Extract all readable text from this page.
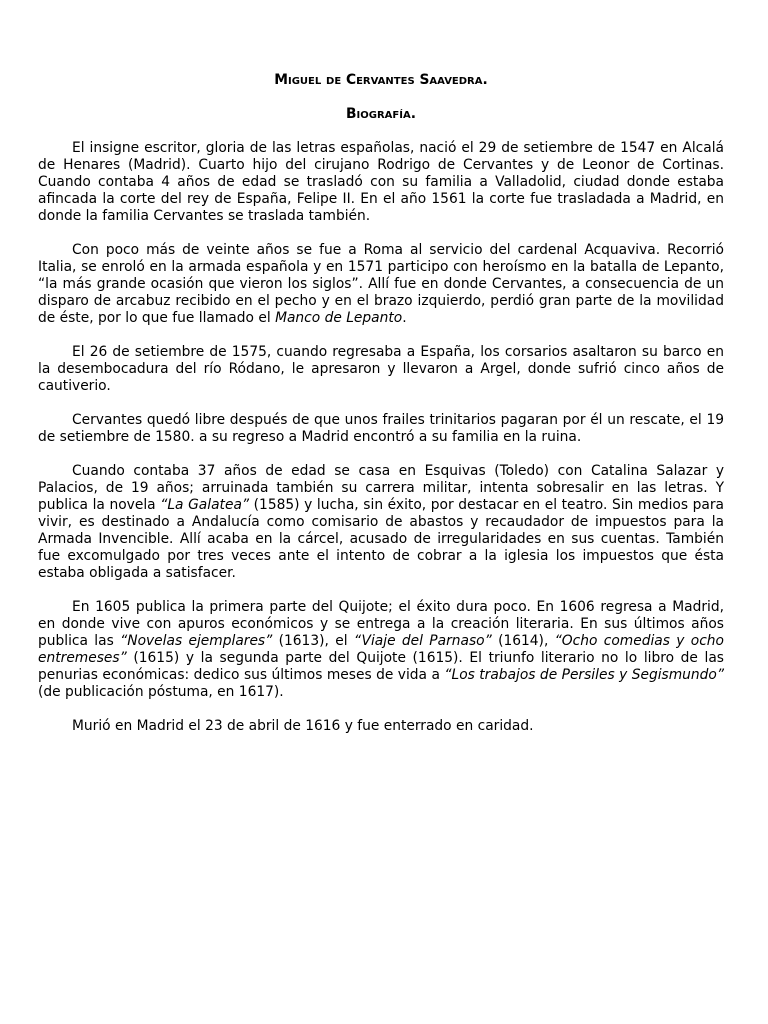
Miguel de Cervantes Saavedra.

Biografía.

El insigne escritor, gloria de las letras españolas, nació el 29 de setiembre de 1547 en Alcalá de Henares (Madrid). Cuarto hijo del cirujano Rodrigo de Cervantes y de Leonor de Cortinas. Cuando contaba 4 años de edad se trasladó con su familia a Valladolid, ciudad donde estaba afincada la corte del rey de España, Felipe II. En el año 1561 la corte fue trasladada a Madrid, en donde la familia Cervantes se traslada también.

Con poco más de veinte años se fue a Roma al servicio del cardenal Acquaviva. Recorrió Italia, se enroló en la armada española y en 1571 participo con heroísmo en la batalla de Lepanto, “la más grande ocasión que vieron los siglos”. Allí fue en donde Cervantes, a consecuencia de un disparo de arcabuz recibido en el pecho y en el brazo izquierdo, perdió gran parte de la movilidad de éste, por lo que fue llamado el Manco de Lepanto.

El 26 de setiembre de 1575, cuando regresaba a España, los corsarios asaltaron su barco en la desembocadura del río Ródano, le apresaron y llevaron a Argel, donde sufrió cinco años de cautiverio.

Cervantes quedó libre después de que unos frailes trinitarios pagaran por él un rescate, el 19 de setiembre de 1580. a su regreso a Madrid encontró a su familia en la ruina.

Cuando contaba 37 años de edad se casa en Esquivas (Toledo) con Catalina Salazar y Palacios, de 19 años; arruinada también su carrera militar, intenta sobresalir en las letras. Y publica la novela “La Galatea” (1585) y lucha, sin éxito, por destacar en el teatro. Sin medios para vivir, es destinado a Andalucía como comisario de abastos y recaudador de impuestos para la Armada Invencible. Allí acaba en la cárcel, acusado de irregularidades en sus cuentas. También fue excomulgado por tres veces ante el intento de cobrar a la iglesia los impuestos que ésta estaba obligada a satisfacer.

En 1605 publica la primera parte del Quijote; el éxito dura poco. En 1606 regresa a Madrid, en donde vive con apuros económicos y se entrega a la creación literaria. En sus últimos años publica las “Novelas ejemplares” (1613), el “Viaje del Parnaso” (1614), “Ocho comedias y ocho entremeses” (1615) y la segunda parte del Quijote (1615). El triunfo literario no lo libro de las penurias económicas: dedico sus últimos meses de vida a “Los trabajos de Persiles y Segismundo” (de publicación póstuma, en 1617).

Murió en Madrid el 23 de abril de 1616 y fue enterrado en caridad.
